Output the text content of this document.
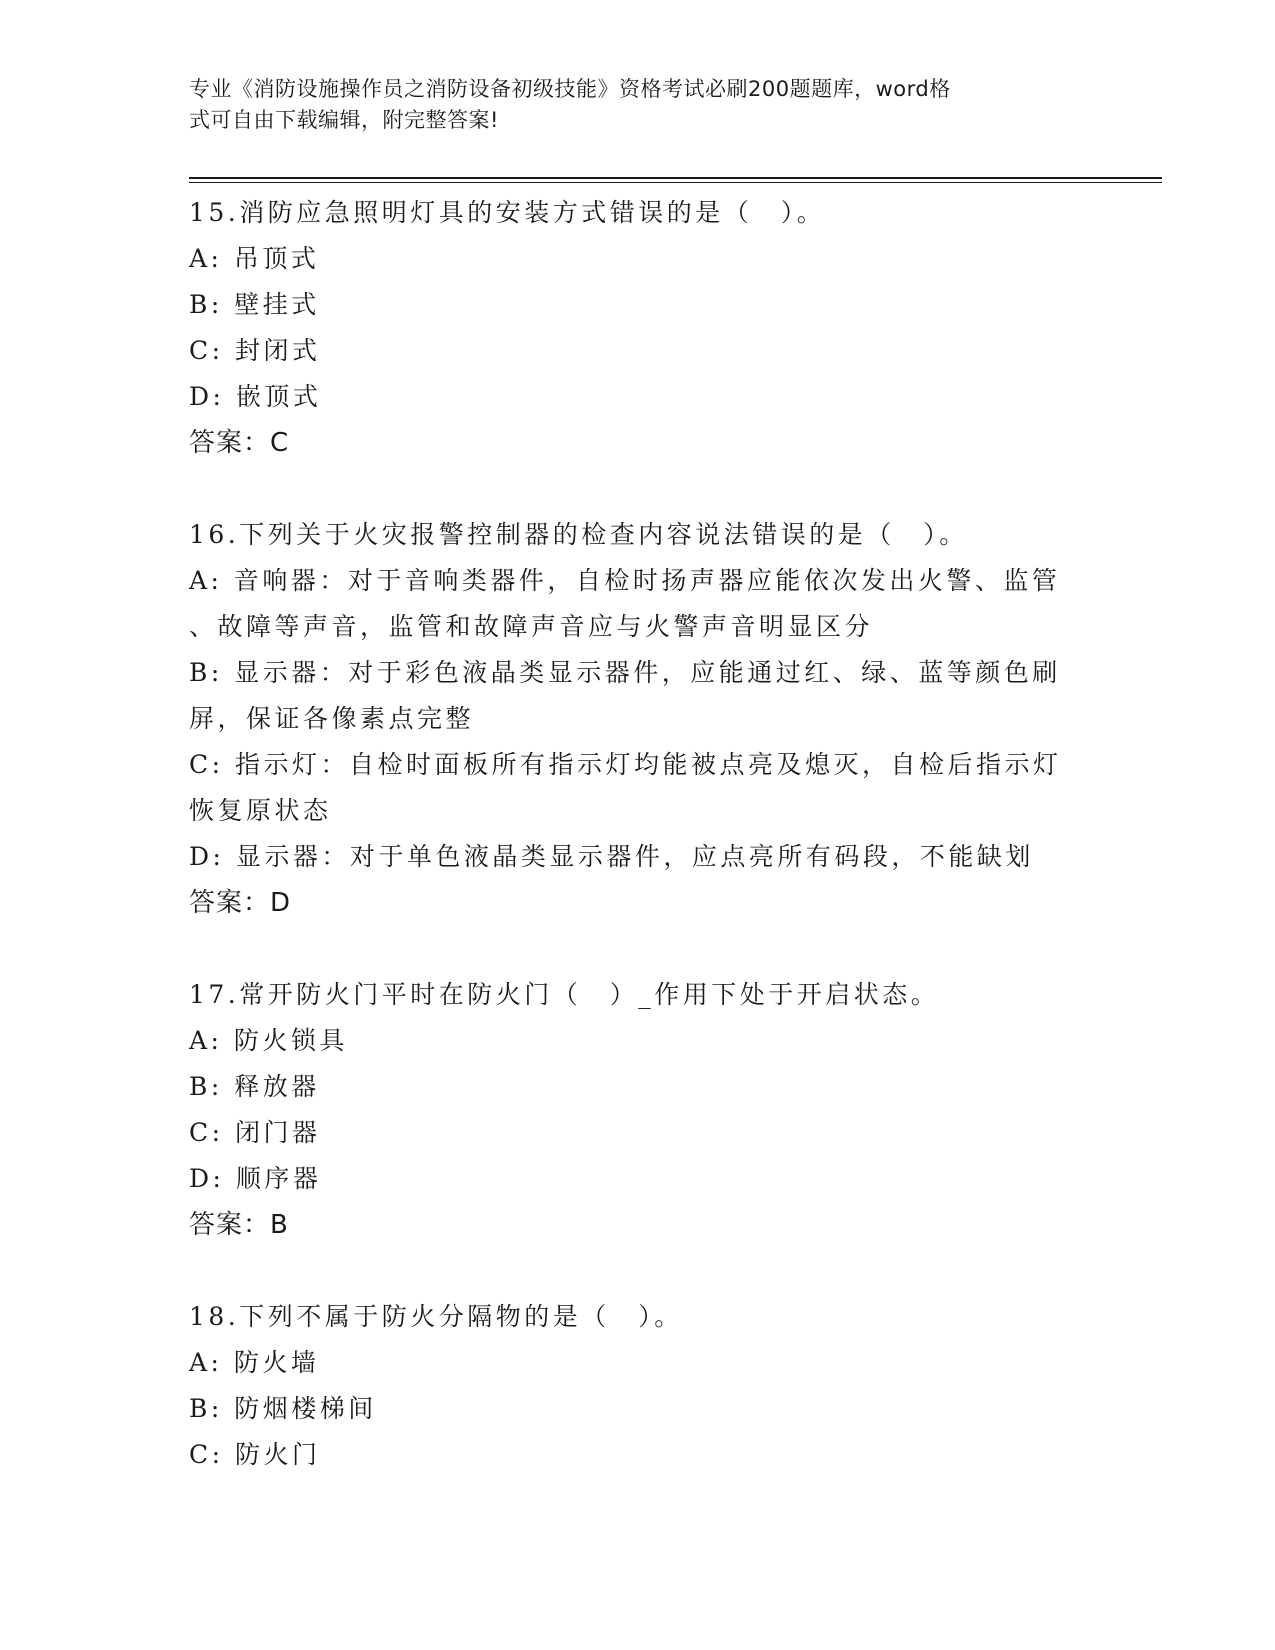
专业《消防设施操作员之消防设备初级技能》资格考试必刷200题题库，word格
式可自由下载编辑，附完整答案!
15.消防应急照明灯具的安装方式错误的是（　）。
A: 吊顶式
B: 壁挂式
C: 封闭式
D: 嵌顶式
答案：C
16.下列关于火灾报警控制器的检查内容说法错误的是（　）。
A: 音响器：对于音响类器件，自检时扬声器应能依次发出火警、监管
、故障等声音，监管和故障声音应与火警声音明显区分
B: 显示器：对于彩色液晶类显示器件，应能通过红、绿、蓝等颜色刷
屏，保证各像素点完整
C: 指示灯：自检时面板所有指示灯均能被点亮及熄灭，自检后指示灯
恢复原状态
D: 显示器：对于单色液晶类显示器件，应点亮所有码段，不能缺划
答案：D
17.常开防火门平时在防火门（　）_作用下处于开启状态。
A: 防火锁具
B: 释放器
C: 闭门器
D: 顺序器
答案：B
18.下列不属于防火分隔物的是（　）。
A: 防火墙
B: 防烟楼梯间
C: 防火门
